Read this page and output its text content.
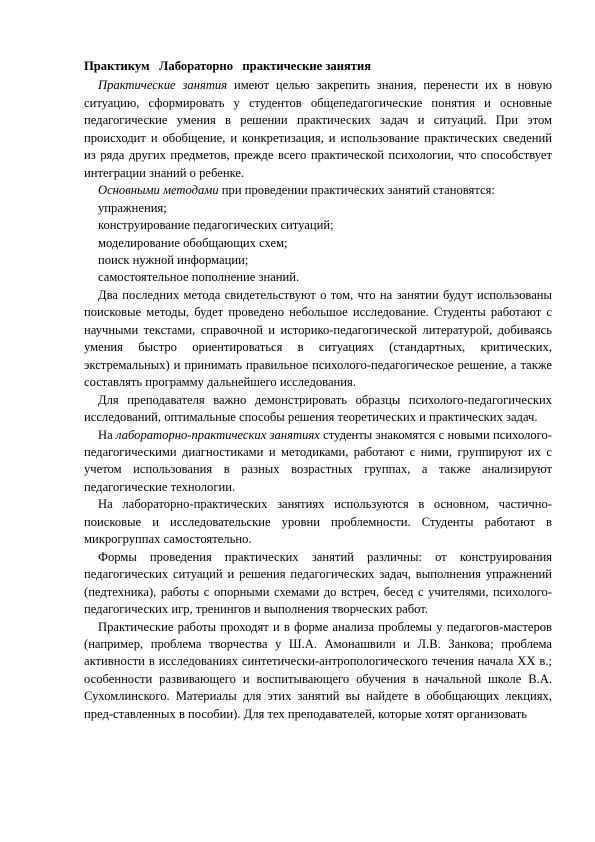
Практикум   Лабораторно   практические занятия

Практические занятия имеют целью закрепить знания, перенести их в новую ситуацию, сформировать у студентов общепедагогические понятия и основные педагогические умения в решении практических задач и ситуаций. При этом происходит и обобщение, и конкретизация, и использование практических сведений из ряда других предметов, прежде всего практической психологии, что способствует интеграции знаний о ребенке.

Основными методами при проведении практических занятий становятся:

упражнения;

конструирование педагогических ситуаций;

моделирование обобщающих схем;

поиск нужной информации;

самостоятельное пополнение знаний.

Два последних метода свидетельствуют о том, что на занятии будут использованы поисковые методы, будет проведено небольшое исследование. Студенты работают с научными текстами, справочной и историко-педагогической литературой, добиваясь умения быстро ориентироваться в ситуациях (стандартных, критических, экстремальных) и принимать правильное психолого-педагогическое решение, а также составлять программу дальнейшего исследования.

Для преподавателя важно демонстрировать образцы психолого-педагогических исследований, оптимальные способы решения теоретических и практических задач.

На лабораторно-практических занятиях студенты знакомятся с новыми психолого-педагогическими диагностиками и методиками, работают с ними, группируют их с учетом использования в разных возрастных группах, а также анализируют педагогические технологии.

На лабораторно-практических занятиях используются в основном, частично-поисковые и исследовательские уровни проблемности. Студенты работают в микрогруппах самостоятельно.

Формы проведения практических занятий различны: от конструирования педагогических ситуаций и решения педагогических задач, выполнения упражнений (педтехника), работы с опорными схемами до встреч, бесед с учителями, психолого-педагогических игр, тренингов и выполнения творческих работ.

Практические работы проходят и в форме анализа проблемы у педагогов-мастеров (например, проблема творчества у Ш.А. Амонашвили и Л.В. Занкова; проблема активности в исследованиях синтетически-антропологического течения начала XX в.; особенности развивающего и воспитывающего обучения в начальной школе В.А. Сухомлинского. Материалы для этих занятий вы найдете в обобщающих лекциях, пред-ставленных в пособии). Для тех преподавателей, которые хотят организовать
